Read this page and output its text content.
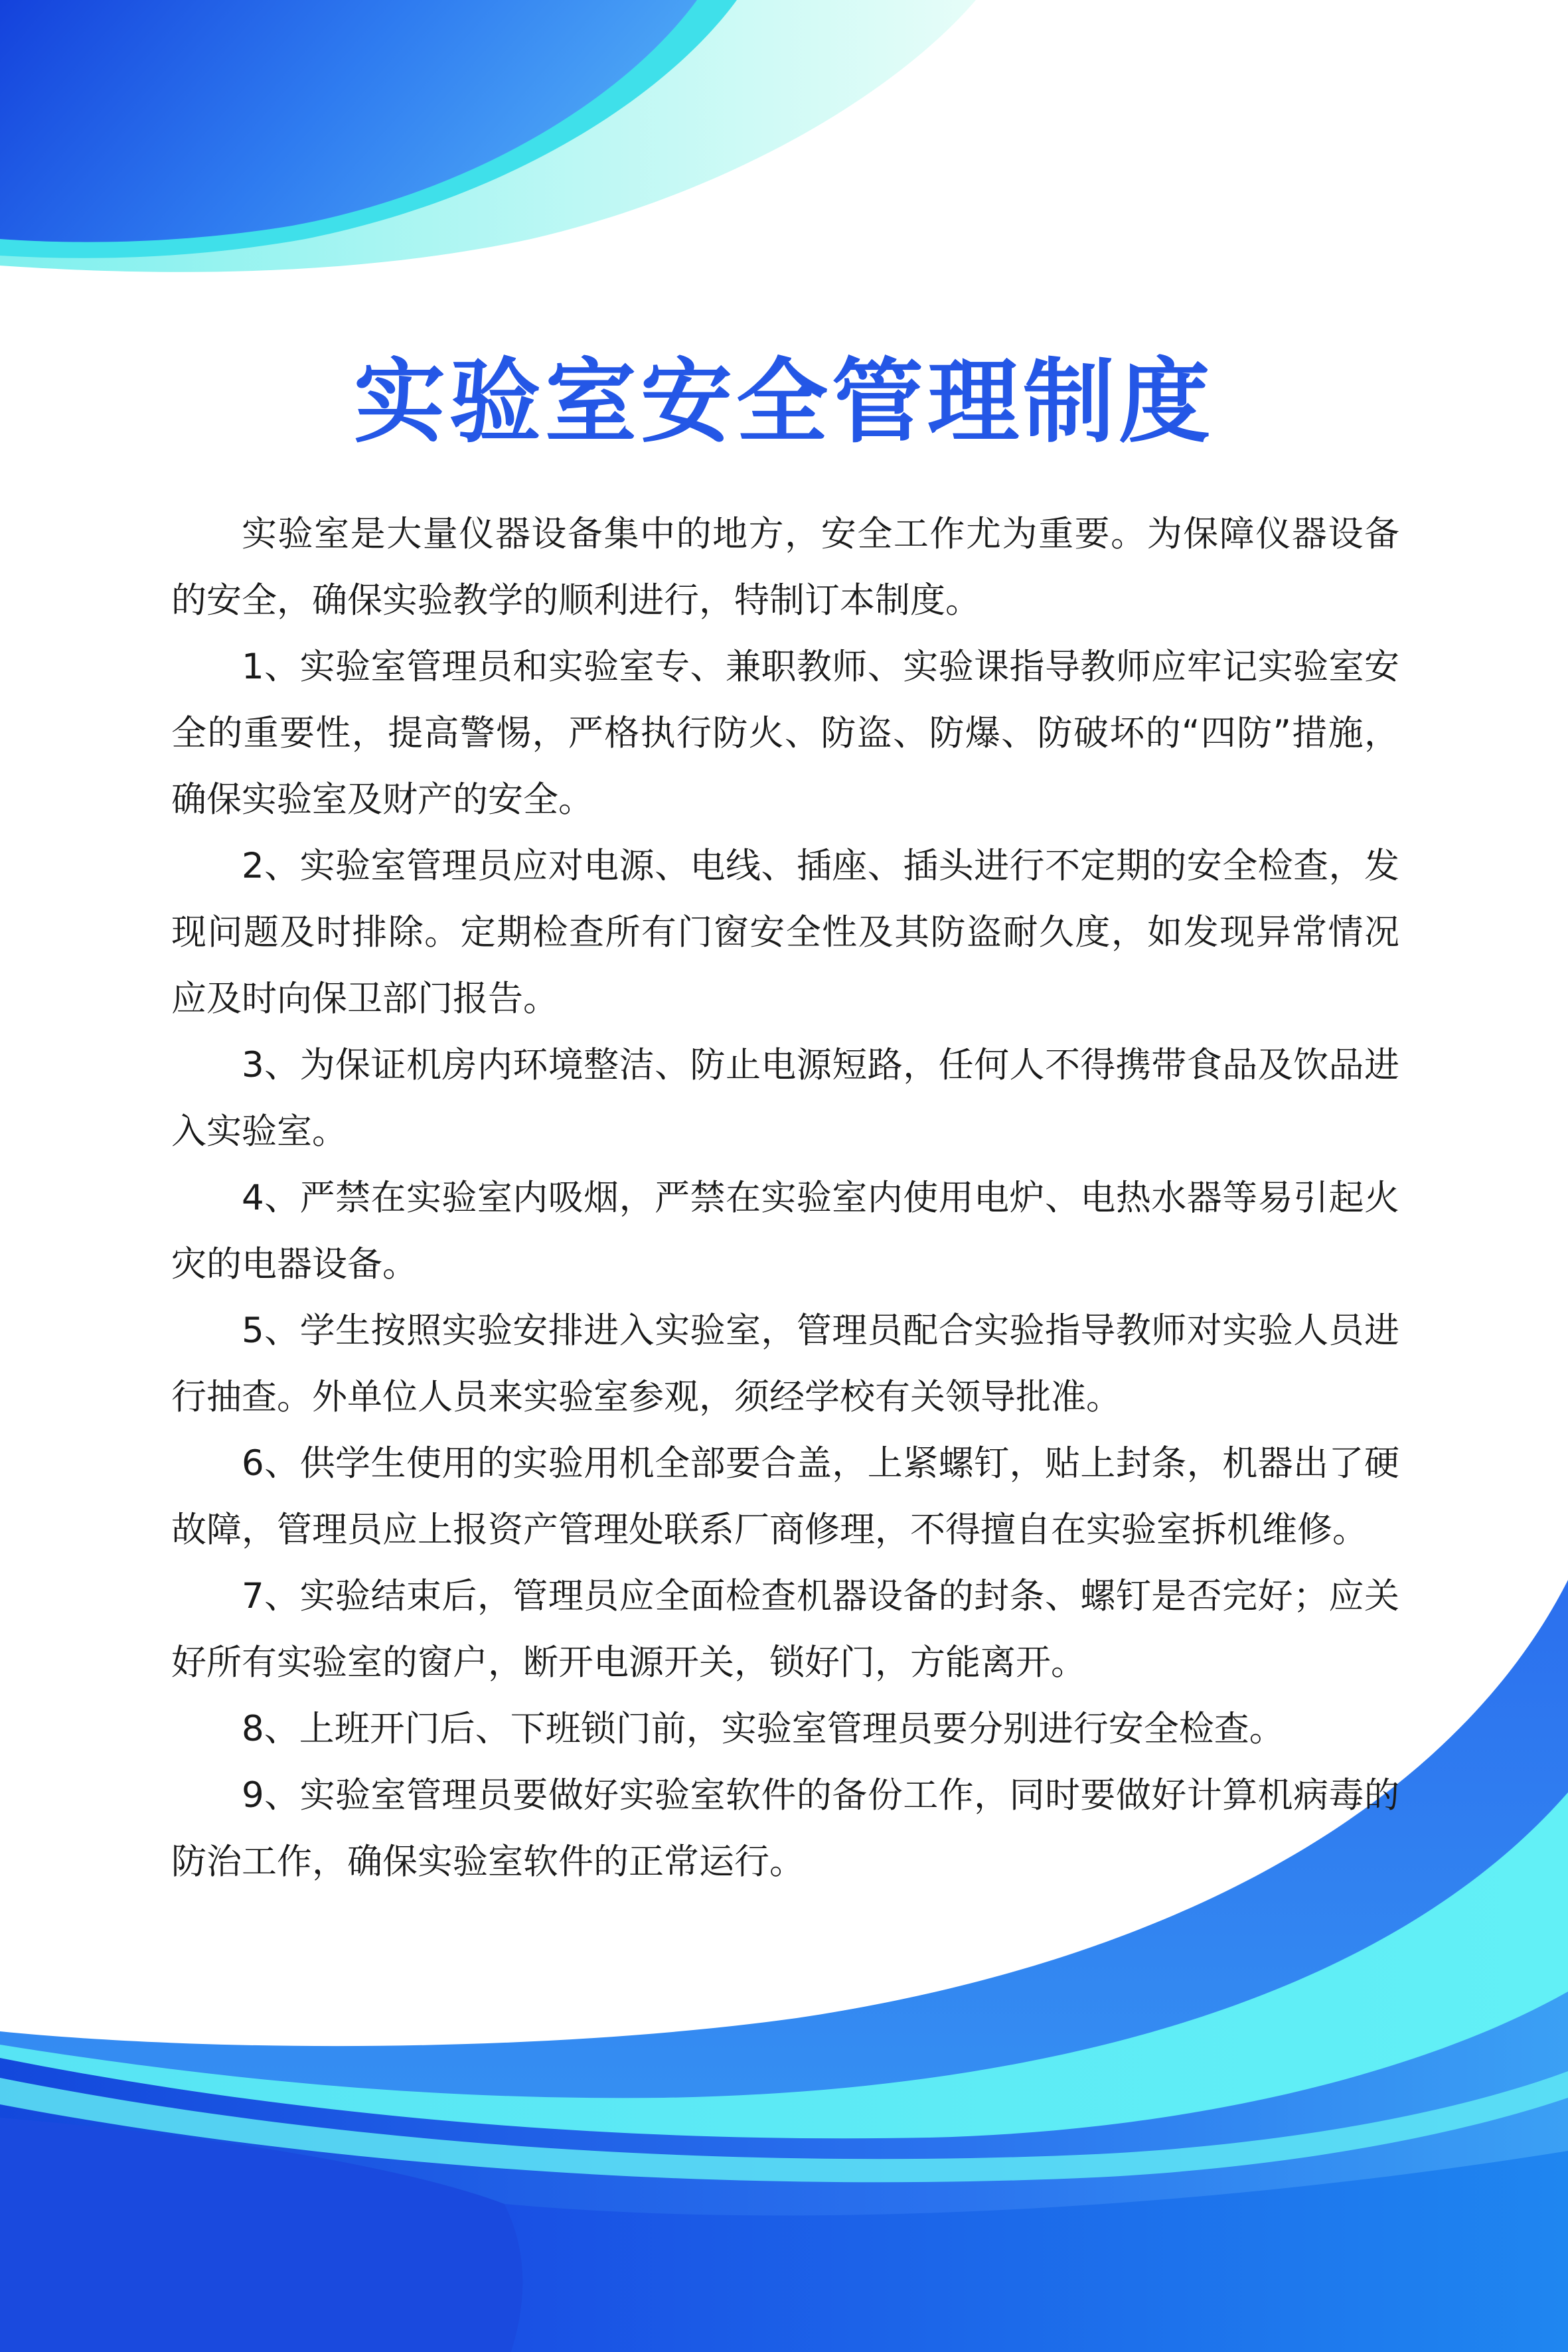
实验室安全管理制度

实验室是大量仪器设备集中的地方，安全工作尤为重要。为保障仪器设备的安全，确保实验教学的顺利进行，特制订本制度。

1、实验室管理员和实验室专、兼职教师、实验课指导教师应牢记实验室安全的重要性，提高警惕，严格执行防火、防盗、防爆、防破坏的“四防”措施，确保实验室及财产的安全。

2、实验室管理员应对电源、电线、插座、插头进行不定期的安全检查，发现问题及时排除。定期检查所有门窗安全性及其防盗耐久度，如发现异常情况应及时向保卫部门报告。

3、为保证机房内环境整洁、防止电源短路，任何人不得携带食品及饮品进入实验室。

4、严禁在实验室内吸烟，严禁在实验室内使用电炉、电热水器等易引起火灾的电器设备。

5、学生按照实验安排进入实验室，管理员配合实验指导教师对实验人员进行抽查。外单位人员来实验室参观，须经学校有关领导批准。

6、供学生使用的实验用机全部要合盖，上紧螺钉，贴上封条，机器出了硬故障，管理员应上报资产管理处联系厂商修理，不得擅自在实验室拆机维修。

7、实验结束后，管理员应全面检查机器设备的封条、螺钉是否完好；应关好所有实验室的窗户，断开电源开关，锁好门，方能离开。

8、上班开门后、下班锁门前，实验室管理员要分别进行安全检查。

9、实验室管理员要做好实验室软件的备份工作，同时要做好计算机病毒的防治工作，确保实验室软件的正常运行。
